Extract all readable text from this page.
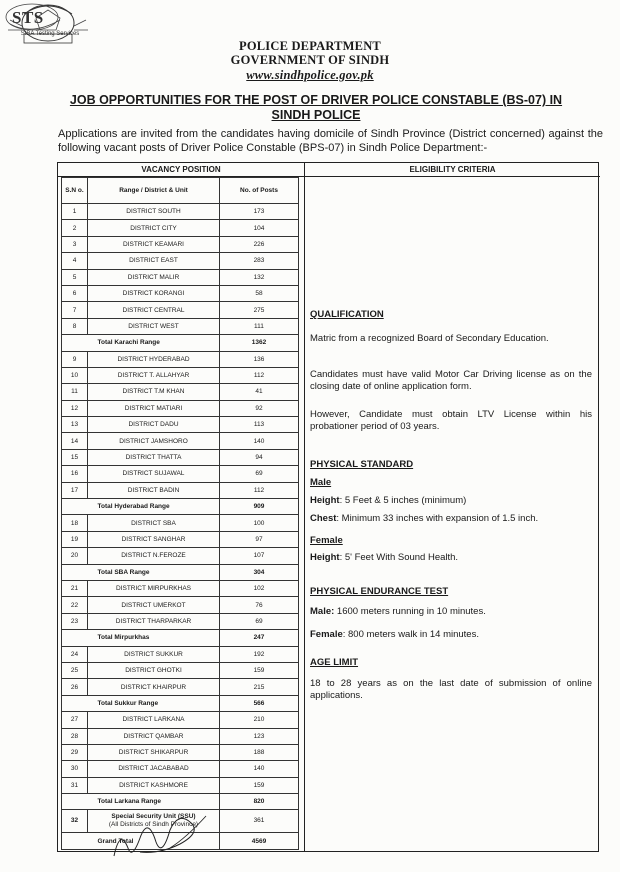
POLICE DEPARTMENT
GOVERNMENT OF SINDH
www.sindhpolice.gov.pk
STS
SIBA Testing Services
JOB OPPORTUNITIES FOR THE POST OF DRIVER POLICE CONSTABLE (BS-07) IN SINDH POLICE
Applications are invited from the candidates having domicile of Sindh Province (District concerned) against the following vacant posts of Driver Police Constable (BPS-07) in Sindh Police Department:-
VACANCY POSITION	ELIGIBILITY CRITERIA
S.N o.	Range / District & Unit	No. of Posts
1	DISTRICT SOUTH	173
2	DISTRICT CITY	104
3	DISTRICT KEAMARI	226
4	DISTRICT EAST	283
5	DISTRICT MALIR	132
6	DISTRICT KORANGI	58
7	DISTRICT CENTRAL	275
8	DISTRICT WEST	111
	Total Karachi Range	1362
9	DISTRICT HYDERABAD	136
10	DISTRICT T. ALLAHYAR	112
11	DISTRICT T.M KHAN	41
12	DISTRICT MATIARI	92
13	DISTRICT DADU	113
14	DISTRICT JAMSHORO	140
15	DISTRICT THATTA	94
16	DISTRICT SUJAWAL	69
17	DISTRICT BADIN	112
	Total Hyderabad Range	909
18	DISTRICT SBA	100
19	DISTRICT SANGHAR	97
20	DISTRICT N.FEROZE	107
	Total SBA Range	304
21	DISTRICT MIRPURKHAS	102
22	DISTRICT UMERKOT	76
23	DISTRICT THARPARKAR	69
	Total Mirpurkhas	247
24	DISTRICT SUKKUR	192
25	DISTRICT GHOTKI	159
26	DISTRICT KHAIRPUR	215
	Total Sukkur Range	566
27	DISTRICT LARKANA	210
28	DISTRICT QAMBAR	123
29	DISTRICT SHIKARPUR	188
30	DISTRICT JACABABAD	140
31	DISTRICT KASHMORE	159
	Total Larkana Range	820
32	Special Security Unit (SSU)
(All Districts of Sindh Province)	361
	Grand Total	4569
QUALIFICATION
Matric from a recognized Board of Secondary Education.
Candidates must have valid Motor Car Driving license as on the closing date of online application form.
However, Candidate must obtain LTV License within his probationer period of 03 years.
PHYSICAL STANDARD
Male
Height: 5 Feet & 5 inches (minimum)
Chest: Minimum 33 inches with expansion of 1.5 inch.
Female
Height: 5' Feet With Sound Health.
PHYSICAL ENDURANCE TEST
Male: 1600 meters running in 10 minutes.
Female: 800 meters walk in 14 minutes.
AGE LIMIT
18 to 28 years as on the last date of submission of online applications.
